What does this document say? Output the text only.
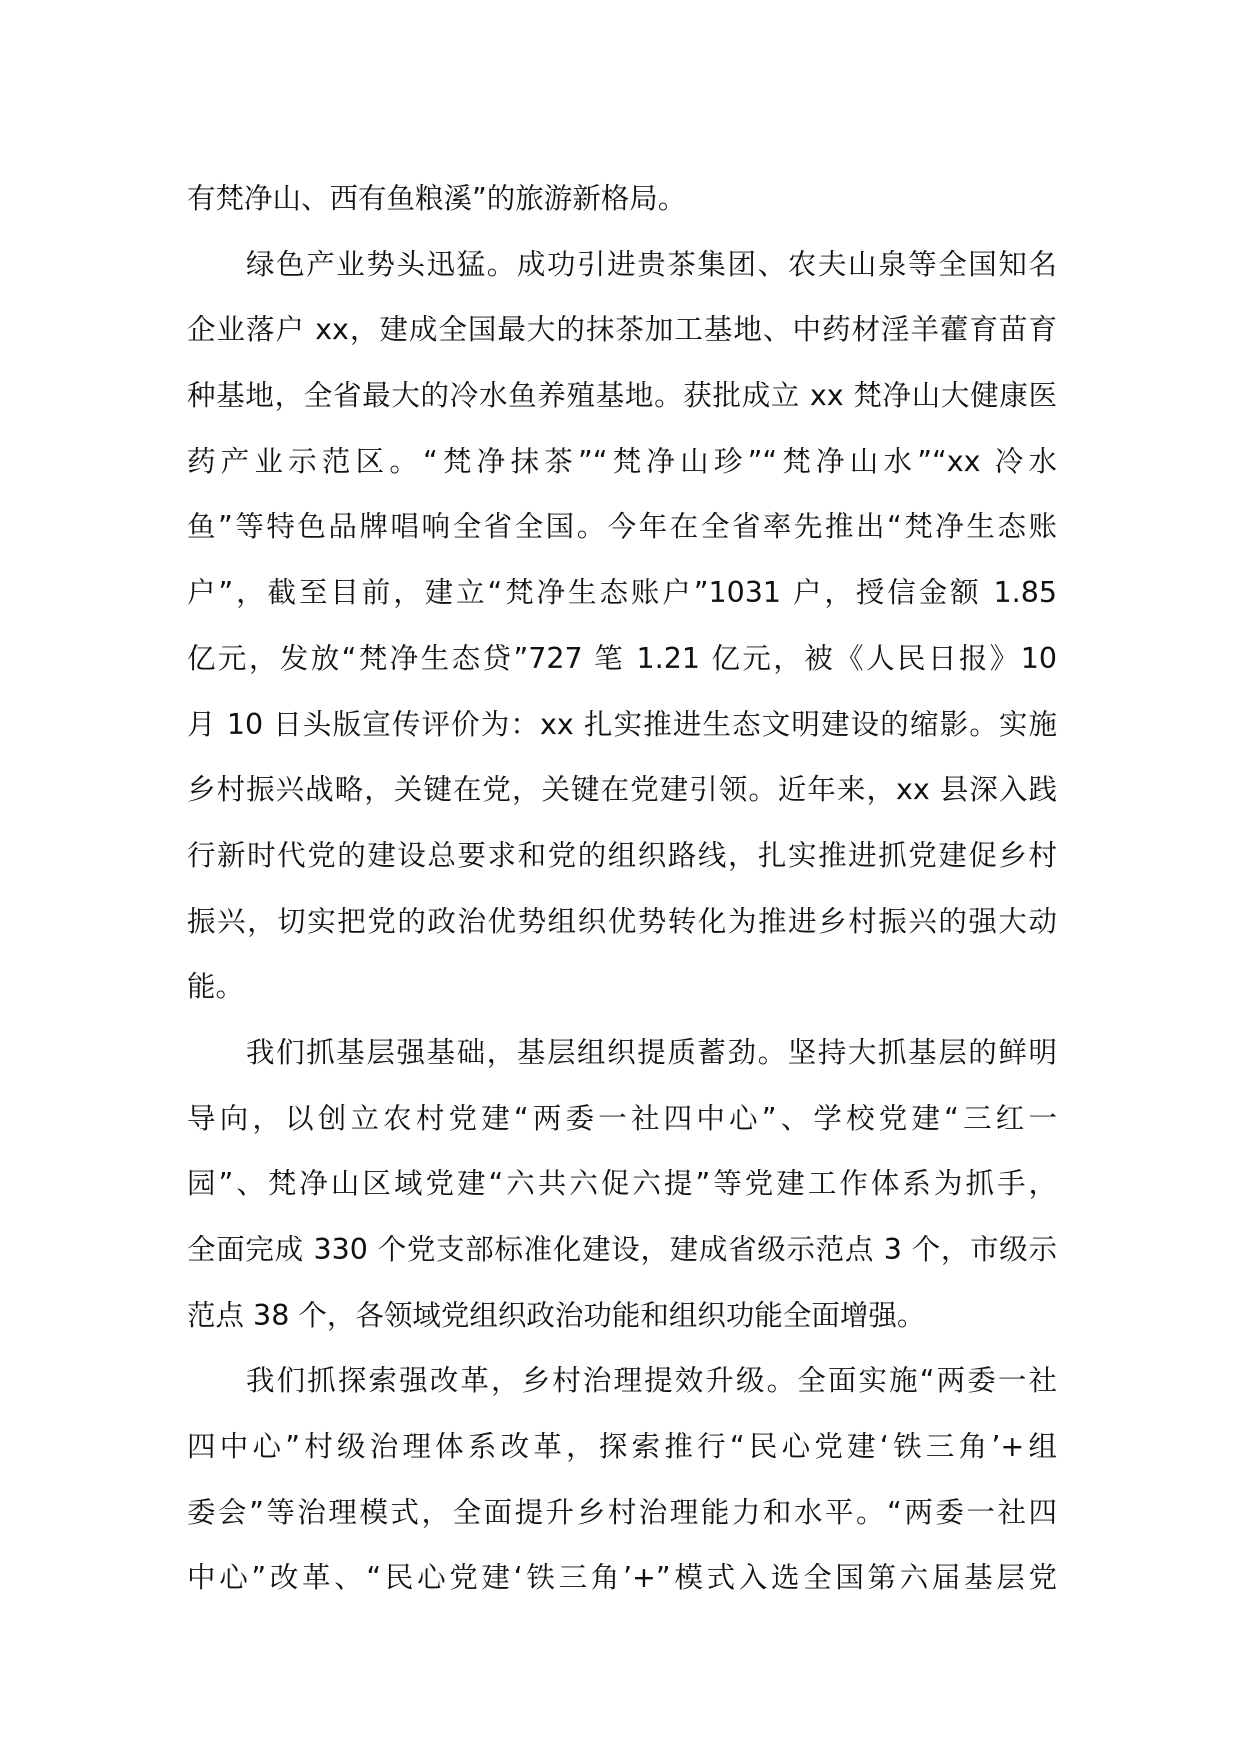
有梵净山、西有鱼粮溪”的旅游新格局。
绿色产业势头迅猛。成功引进贵茶集团、农夫山泉等全国知名
企业落户 xx，建成全国最大的抹茶加工基地、中药材淫羊藿育苗育
种基地，全省最大的冷水鱼养殖基地。获批成立 xx 梵净山大健康医
药产业示范区。“梵净抹茶”“梵净山珍”“梵净山水”“xx 冷水
鱼”等特色品牌唱响全省全国。今年在全省率先推出“梵净生态账
户”，截至目前，建立“梵净生态账户”1031 户，授信金额 1.85
亿元，发放“梵净生态贷”727 笔 1.21 亿元，被《人民日报》10
月 10 日头版宣传评价为：xx 扎实推进生态文明建设的缩影。实施
乡村振兴战略，关键在党，关键在党建引领。近年来，xx 县深入践
行新时代党的建设总要求和党的组织路线，扎实推进抓党建促乡村
振兴，切实把党的政治优势组织优势转化为推进乡村振兴的强大动
能。
我们抓基层强基础，基层组织提质蓄劲。坚持大抓基层的鲜明
导向，以创立农村党建“两委一社四中心”、学校党建“三红一
园”、梵净山区域党建“六共六促六提”等党建工作体系为抓手，
全面完成 330 个党支部标准化建设，建成省级示范点 3 个，市级示
范点 38 个，各领域党组织政治功能和组织功能全面增强。
我们抓探索强改革，乡村治理提效升级。全面实施“两委一社
四中心”村级治理体系改革，探索推行“民心党建‘铁三角’+组
委会”等治理模式，全面提升乡村治理能力和水平。“两委一社四
中心”改革、“民心党建‘铁三角’+”模式入选全国第六届基层党
